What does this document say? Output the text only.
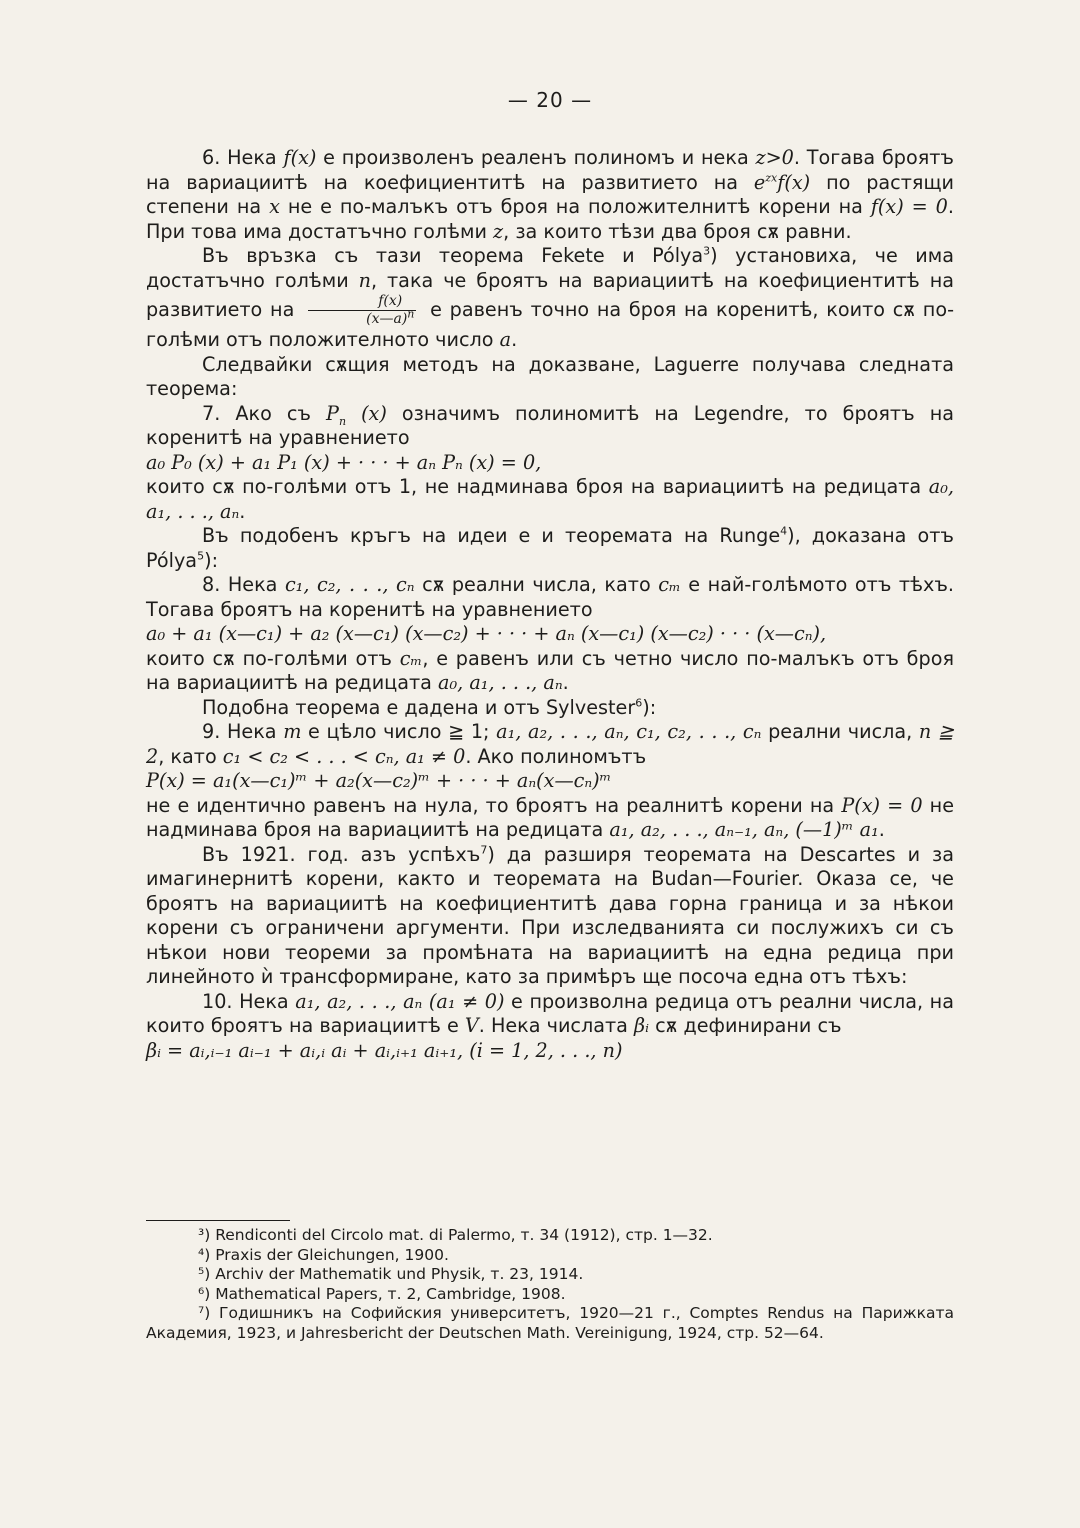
— 20 —

6. Нека f(x) е произволенъ реаленъ полиномъ и нека z>0. Тогава броятъ на вариациитѣ на коефициентитѣ на развитието на $e^{zx}f(x)$ по растящи степени на x не е по-малъкъ отъ броя на положителнитѣ корени на f(x) = 0. При това има достатъчно голѣми z, за които тѣзи два броя сѫ равни.

Въ връзка съ тази теорема Fekete и Pólya$^3$) установиха, че има достатъчно голѣми n, така че броятъ на вариациитѣ на коефициентитѣ на развитието на $\frac{f(x)}{(x—a)^n}$ е равенъ точно на броя на коренитѣ, които сѫ по-голѣми отъ положителното число a.

Следвайки сѫщия методъ на доказване, Laguerre получава следната теорема:

7. Ако съ $P_n$ (x) означимъ полиномитѣ на Legendre, то броятъ на коренитѣ на уравнението

a₀ P₀ (x) + a₁ P₁ (x) + · · · + aₙ Pₙ (x) = 0,

които сѫ по-голѣми отъ 1, не надминава броя на вариациитѣ на редицата a₀, a₁, . . ., aₙ.

Въ подобенъ кръгъ на идеи е и теоремата на Runge$^4$), доказана отъ Pólya$^5$):

8. Нека c₁, c₂, . . ., cₙ сѫ реални числа, като cₘ е най-голѣмото отъ тѣхъ. Тогава броятъ на коренитѣ на уравнението

a₀ + a₁ (x—c₁) + a₂ (x—c₁) (x—c₂) + · · · + aₙ (x—c₁) (x—c₂) · · · (x—cₙ),

които сѫ по-голѣми отъ cₘ, е равенъ или съ четно число по-малъкъ отъ броя на вариациитѣ на редицата a₀, a₁, . . ., aₙ.

Подобна теорема е дадена и отъ Sylvester$^6$):

9. Нека m е цѣло число ≧ 1; a₁, a₂, . . ., aₙ, c₁, c₂, . . ., cₙ реални числа, n ≧ 2, като c₁ < c₂ < . . . < cₙ, a₁ ≠ 0. Ако полиномътъ

P(x) = a₁(x—c₁)ᵐ + a₂(x—c₂)ᵐ + · · · + aₙ(x—cₙ)ᵐ

не е идентично равенъ на нула, то броятъ на реалнитѣ корени на P(x) = 0 не надминава броя на вариациитѣ на редицата a₁, a₂, . . ., aₙ₋₁, aₙ, (—1)ᵐ a₁.

Въ 1921. год. азъ успѣхъ$^7$) да разширя теоремата на Descartes и за имагинернитѣ корени, както и теоремата на Budan—Fourier. Оказа се, че броятъ на вариациитѣ на коефициентитѣ дава горна граница и за нѣкои корени съ ограничени аргументи. При изследванията си послужихъ си съ нѣкои нови теореми за промѣната на вариациитѣ на една редица при линейното ѝ трансформиране, като за примѣръ ще посоча една отъ тѣхъ:

10. Нека a₁, a₂, . . ., aₙ (a₁ ≠ 0) е произволна редица отъ реални числа, на които броятъ на вариациитѣ е V. Нека числата βᵢ сѫ дефинирани съ

βᵢ = aᵢ,ᵢ₋₁ aᵢ₋₁ + aᵢ,ᵢ aᵢ + aᵢ,ᵢ₊₁ aᵢ₊₁, (i = 1, 2, . . ., n)

³) Rendiconti del Circolo mat. di Palermo, т. 34 (1912), стр. 1—32.

⁴) Praxis der Gleichungen, 1900.

⁵) Archiv der Mathematik und Physik, т. 23, 1914.

⁶) Mathematical Papers, т. 2, Cambridge, 1908.

⁷) Годишникъ на Софийския университетъ, 1920—21 г., Comptes Rendus на Парижката Академия, 1923, и Jahresbericht der Deutschen Math. Vereinigung, 1924, стр. 52—64.
